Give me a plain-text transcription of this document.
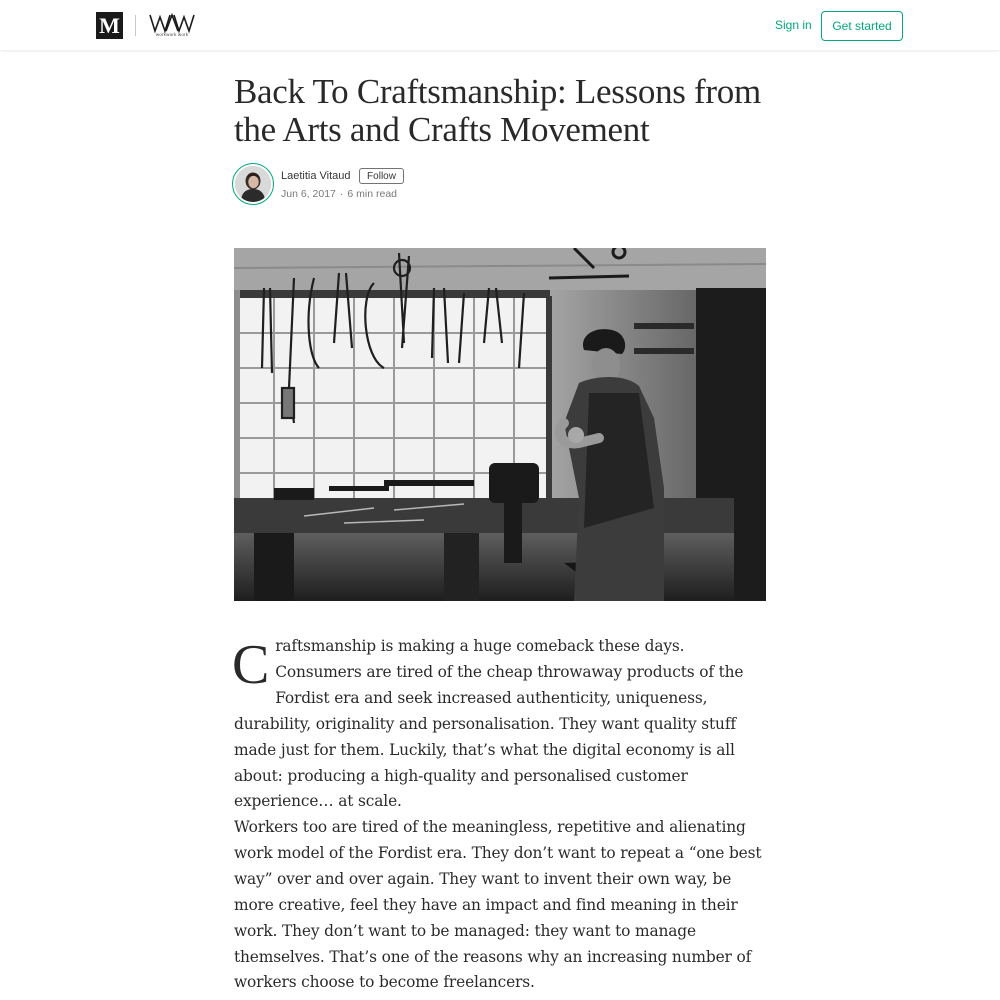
M	workwork work
Sign in	Get started
Back To Craftsmanship: Lessons from the Arts and Crafts Movement
Laetitia Vitaud	Follow
Jun 6, 2017 · 6 min read

Craftsmanship is making a huge comeback these days. Consumers are tired of the cheap throwaway products of the Fordist era and seek increased authenticity, uniqueness, durability, originality and personalisation. They want quality stuff made just for them. Luckily, that’s what the digital economy is all about: producing a high-quality and personalised customer experience… at scale.

Workers too are tired of the meaningless, repetitive and alienating work model of the Fordist era. They don’t want to repeat a “one best way” over and over again. They want to invent their own way, be more creative, feel they have an impact and find meaning in their work. They don’t want to be managed: they want to manage themselves. That’s one of the reasons why an increasing number of workers choose to become freelancers.
